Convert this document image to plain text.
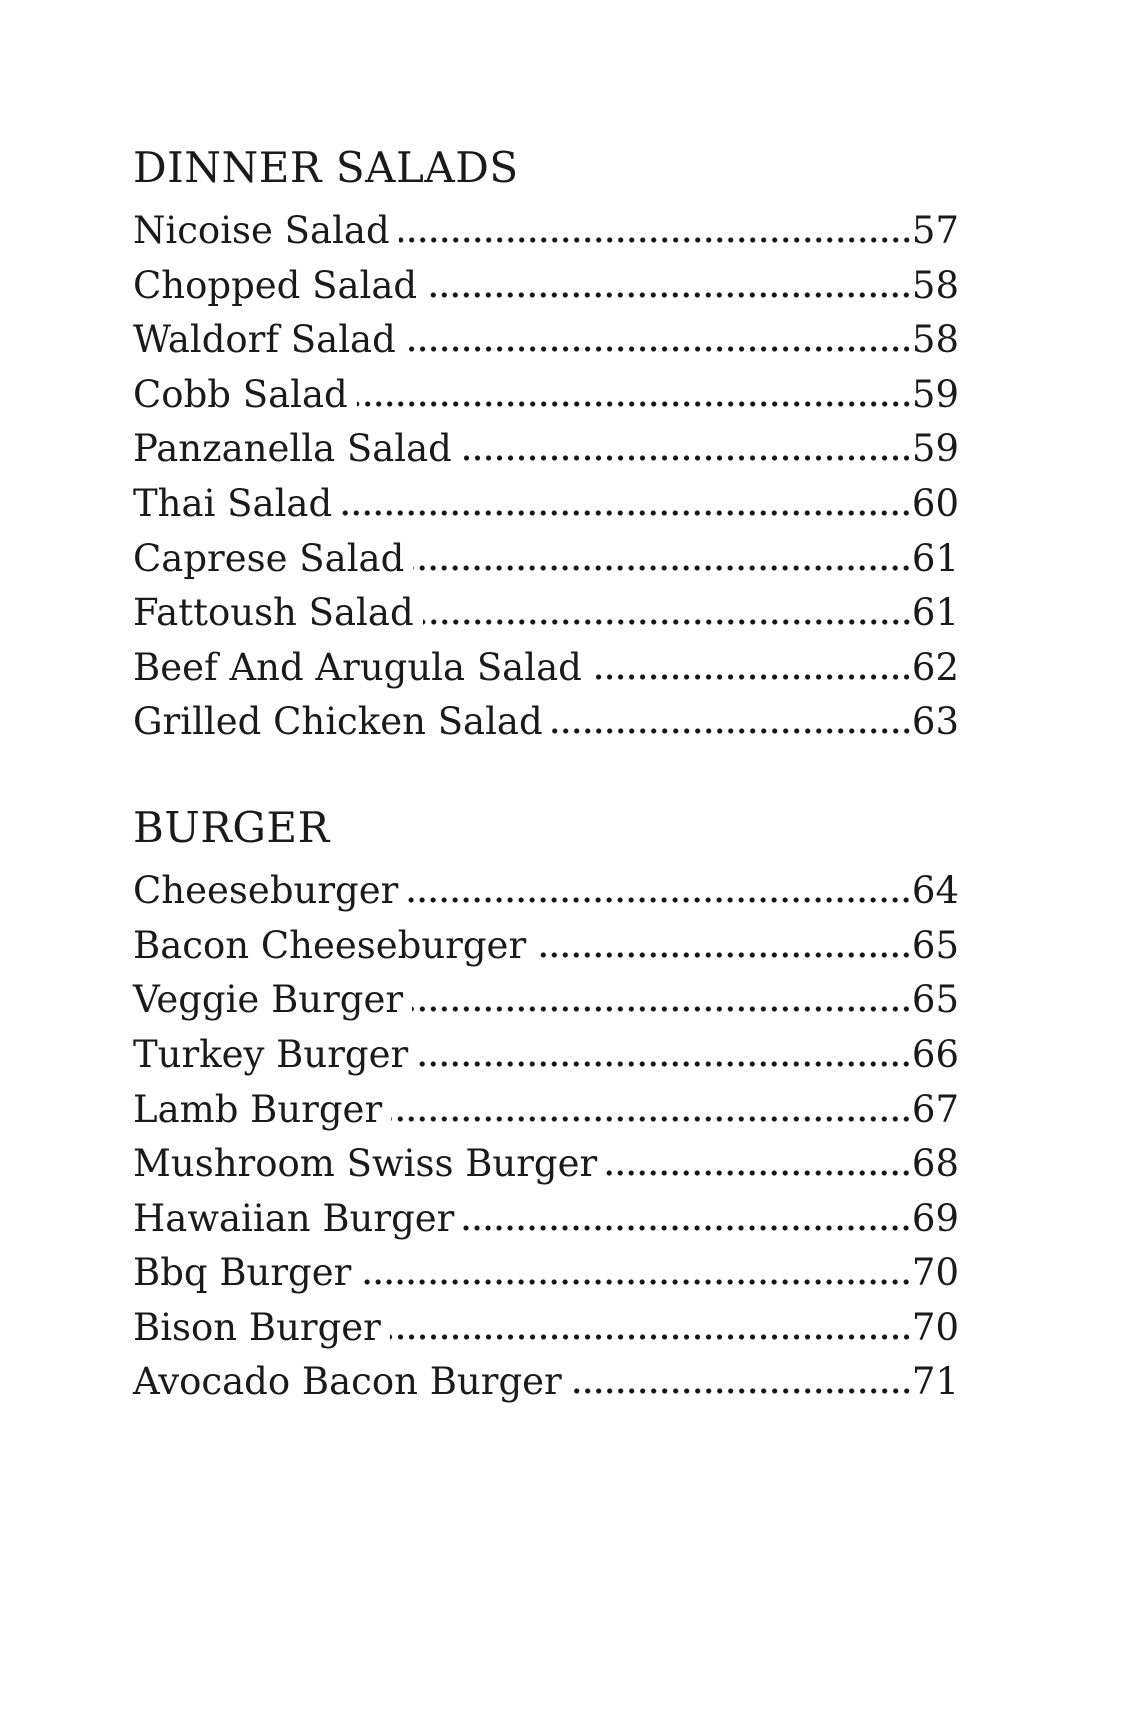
DINNER SALADS
Nicoise Salad	57
Chopped Salad	58
Waldorf Salad	58
Cobb Salad	59
Panzanella Salad	59
Thai Salad	60
Caprese Salad	61
Fattoush Salad	61
Beef And Arugula Salad	62
Grilled Chicken Salad	63
BURGER
Cheeseburger	64
Bacon Cheeseburger	65
Veggie Burger	65
Turkey Burger	66
Lamb Burger	67
Mushroom Swiss Burger	68
Hawaiian Burger	69
Bbq Burger	70
Bison Burger	70
Avocado Bacon Burger	71
